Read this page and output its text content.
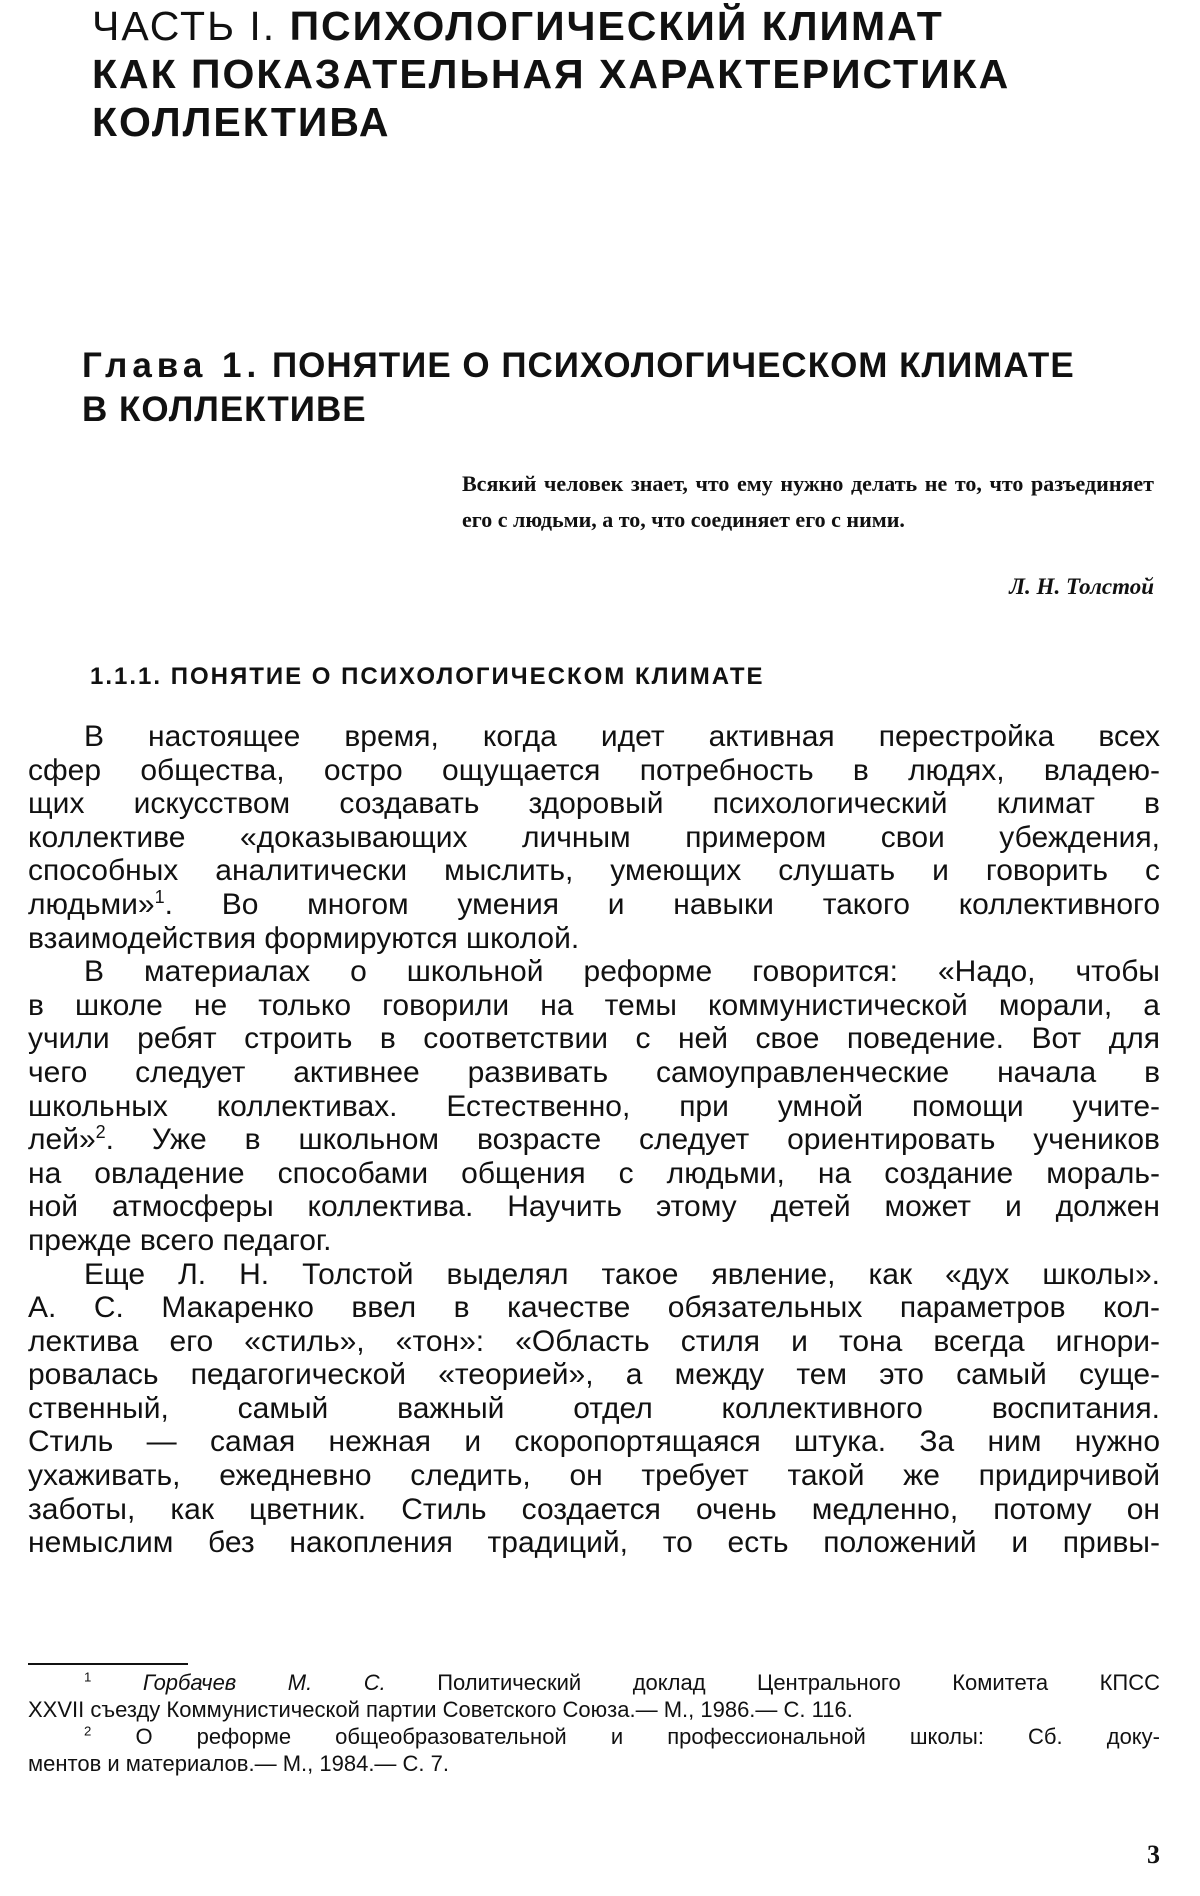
ЧАСТЬ I. ПСИХОЛОГИЧЕСКИЙ КЛИМАТ
КАК ПОКАЗАТЕЛЬНАЯ ХАРАКТЕРИСТИКА
КОЛЛЕКТИВА
Глава 1. ПОНЯТИЕ О ПСИХОЛОГИЧЕСКОМ КЛИМАТЕ
В КОЛЛЕКТИВЕ
Всякий человек знает, что ему нужно делать не то, что разъединяет его с людьми, а то, что соединяет его с ними.
Л. Н. Толстой
1.1.1. ПОНЯТИЕ О ПСИХОЛОГИЧЕСКОМ КЛИМАТЕ
В настоящее время, когда идет активная перестройка всех
сфер общества, остро ощущается потребность в людях, владею-
щих искусством создавать здоровый психологический климат в
коллективе «доказывающих личным примером свои убеждения,
способных аналитически мыслить, умеющих слушать и говорить с
людьми»$^1$. Во многом умения и навыки такого коллективного
взаимодействия формируются школой.
В материалах о школьной реформе говорится: «Надо, чтобы
в школе не только говорили на темы коммунистической морали, а
учили ребят строить в соответствии с ней свое поведение. Вот для
чего следует активнее развивать самоуправленческие начала в
школьных коллективах. Естественно, при умной помощи учите-
лей»$^2$. Уже в школьном возрасте следует ориентировать учеников
на овладение способами общения с людьми, на создание мораль-
ной атмосферы коллектива. Научить этому детей может и должен
прежде всего педагог.
Еще Л. Н. Толстой выделял такое явление, как «дух школы».
А. С. Макаренко ввел в качестве обязательных параметров кол-
лектива его «стиль», «тон»: «Область стиля и тона всегда игнори-
ровалась педагогической «теорией», а между тем это самый суще-
ственный, самый важный отдел коллективного воспитания.
Стиль — самая нежная и скоропортящаяся штука. За ним нужно
ухаживать, ежедневно следить, он требует такой же придирчивой
заботы, как цветник. Стиль создается очень медленно, потому он
немыслим без накопления традиций, то есть положений и привы-
$^1$ Горбачев М. С. Политический доклад Центрального Комитета КПСС
XXVII съезду Коммунистической партии Советского Союза.— М., 1986.— С. 116.
$^2$ О реформе общеобразовательной и профессиональной школы: Сб. доку-
ментов и материалов.— М., 1984.— С. 7.
3
